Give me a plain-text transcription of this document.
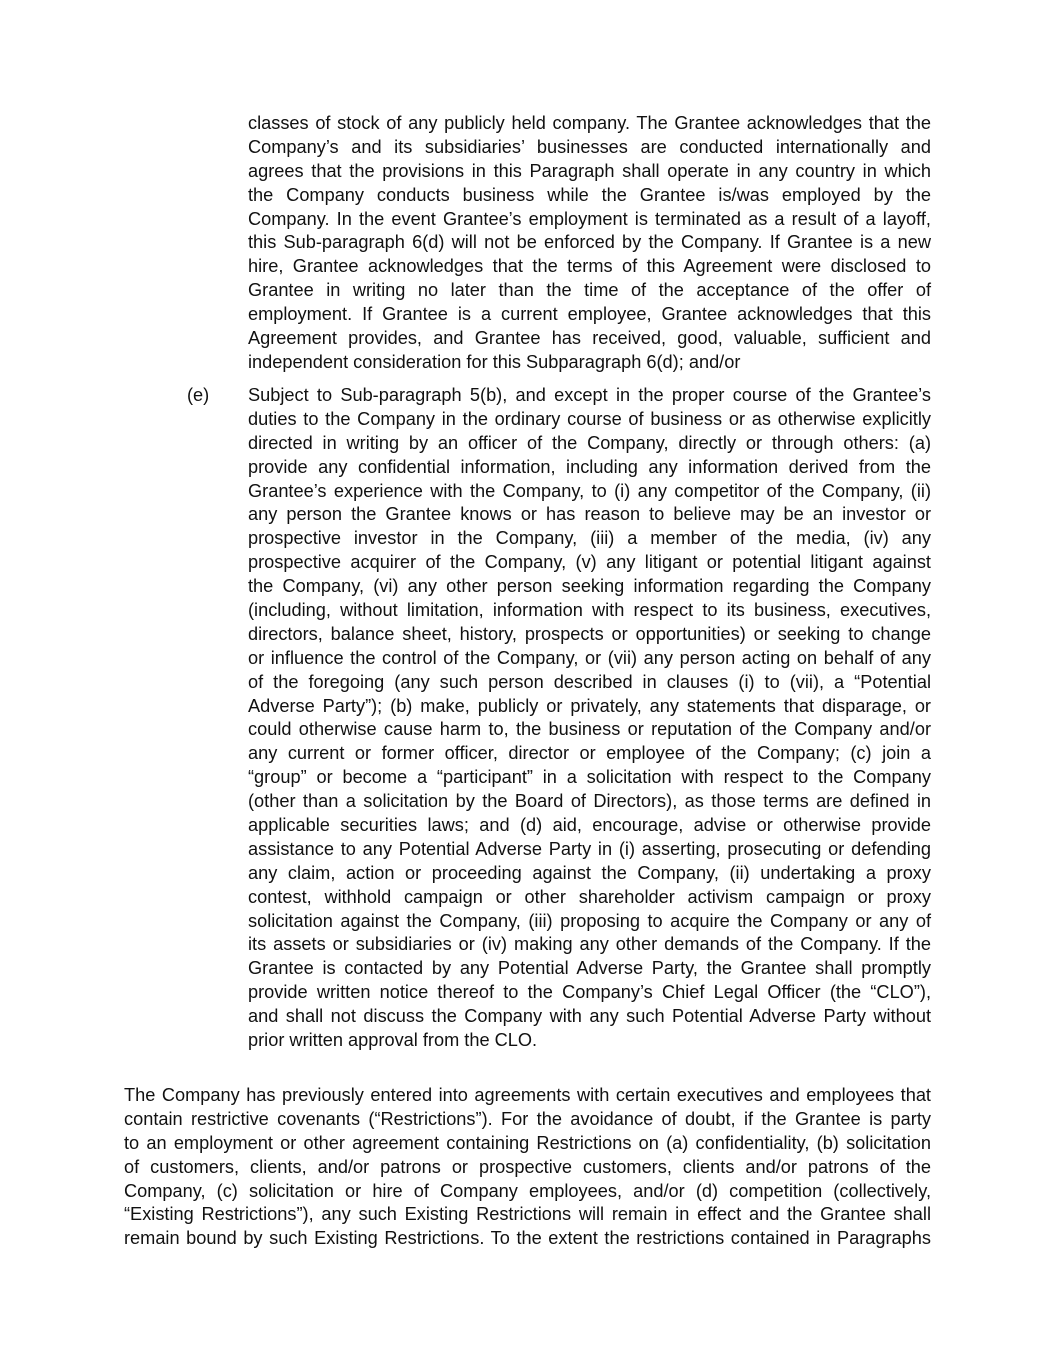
classes of stock of any publicly held company. The Grantee acknowledges that the
Company’s and its subsidiaries’ businesses are conducted internationally and
agrees that the provisions in this Paragraph shall operate in any country in which
the Company conducts business while the Grantee is/was employed by the
Company. In the event Grantee’s employment is terminated as a result of a layoff,
this Sub-paragraph 6(d) will not be enforced by the Company. If Grantee is a new
hire, Grantee acknowledges that the terms of this Agreement were disclosed to
Grantee in writing no later than the time of the acceptance of the offer of
employment. If Grantee is a current employee, Grantee acknowledges that this
Agreement provides, and Grantee has received, good, valuable, sufficient and
independent consideration for this Subparagraph 6(d); and/or
(e) Subject to Sub-paragraph 5(b), and except in the proper course of the Grantee’s
duties to the Company in the ordinary course of business or as otherwise explicitly
directed in writing by an officer of the Company, directly or through others: (a)
provide any confidential information, including any information derived from the
Grantee’s experience with the Company, to (i) any competitor of the Company, (ii)
any person the Grantee knows or has reason to believe may be an investor or
prospective investor in the Company, (iii) a member of the media, (iv) any
prospective acquirer of the Company, (v) any litigant or potential litigant against
the Company, (vi) any other person seeking information regarding the Company
(including, without limitation, information with respect to its business, executives,
directors, balance sheet, history, prospects or opportunities) or seeking to change
or influence the control of the Company, or (vii) any person acting on behalf of any
of the foregoing (any such person described in clauses (i) to (vii), a “Potential
Adverse Party”); (b) make, publicly or privately, any statements that disparage, or
could otherwise cause harm to, the business or reputation of the Company and/or
any current or former officer, director or employee of the Company; (c) join a
“group” or become a “participant” in a solicitation with respect to the Company
(other than a solicitation by the Board of Directors), as those terms are defined in
applicable securities laws; and (d) aid, encourage, advise or otherwise provide
assistance to any Potential Adverse Party in (i) asserting, prosecuting or defending
any claim, action or proceeding against the Company, (ii) undertaking a proxy
contest, withhold campaign or other shareholder activism campaign or proxy
solicitation against the Company, (iii) proposing to acquire the Company or any of
its assets or subsidiaries or (iv) making any other demands of the Company. If the
Grantee is contacted by any Potential Adverse Party, the Grantee shall promptly
provide written notice thereof to the Company’s Chief Legal Officer (the “CLO”),
and shall not discuss the Company with any such Potential Adverse Party without
prior written approval from the CLO.
The Company has previously entered into agreements with certain executives and employees that
contain restrictive covenants (“Restrictions”). For the avoidance of doubt, if the Grantee is party
to an employment or other agreement containing Restrictions on (a) confidentiality, (b) solicitation
of customers, clients, and/or patrons or prospective customers, clients and/or patrons of the
Company, (c) solicitation or hire of Company employees, and/or (d) competition (collectively,
“Existing Restrictions”), any such Existing Restrictions will remain in effect and the Grantee shall
remain bound by such Existing Restrictions. To the extent the restrictions contained in Paragraphs
